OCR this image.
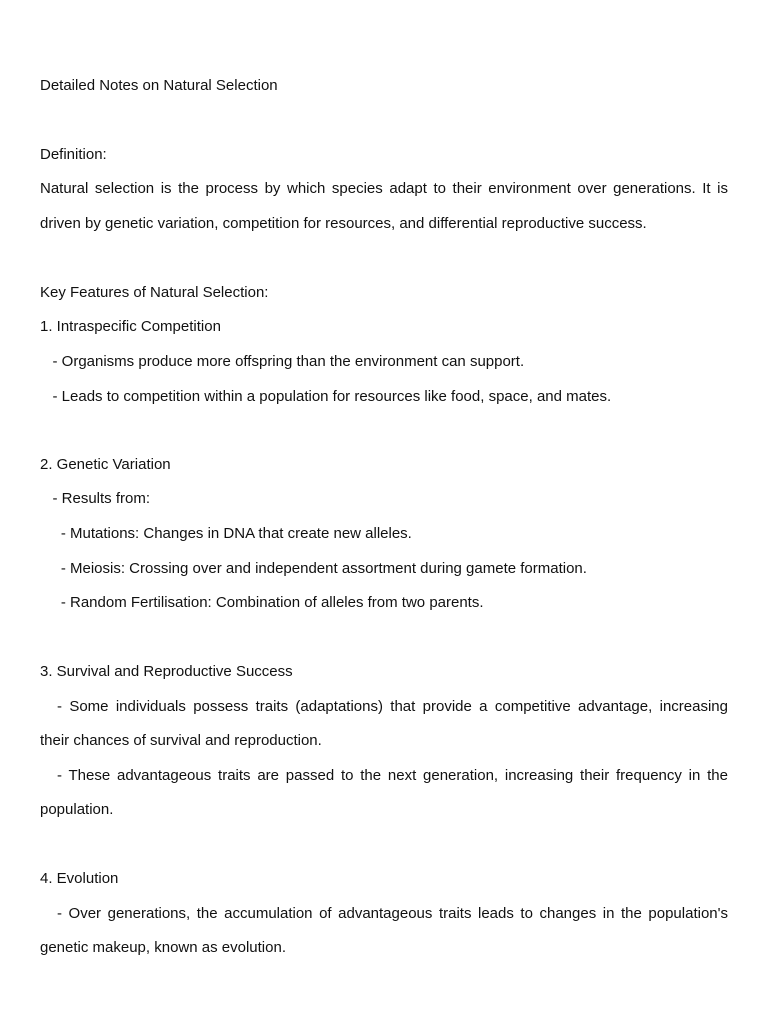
Detailed Notes on Natural Selection
Definition:
Natural selection is the process by which species adapt to their environment over generations. It is
driven by genetic variation, competition for resources, and differential reproductive success.
Key Features of Natural Selection:
1. Intraspecific Competition
- Organisms produce more offspring than the environment can support.
- Leads to competition within a population for resources like food, space, and mates.
2. Genetic Variation
- Results from:
- Mutations: Changes in DNA that create new alleles.
- Meiosis: Crossing over and independent assortment during gamete formation.
- Random Fertilisation: Combination of alleles from two parents.
3. Survival and Reproductive Success
- Some individuals possess traits (adaptations) that provide a competitive advantage, increasing
their chances of survival and reproduction.
- These advantageous traits are passed to the next generation, increasing their frequency in the
population.
4. Evolution
- Over generations, the accumulation of advantageous traits leads to changes in the population's
genetic makeup, known as evolution.
